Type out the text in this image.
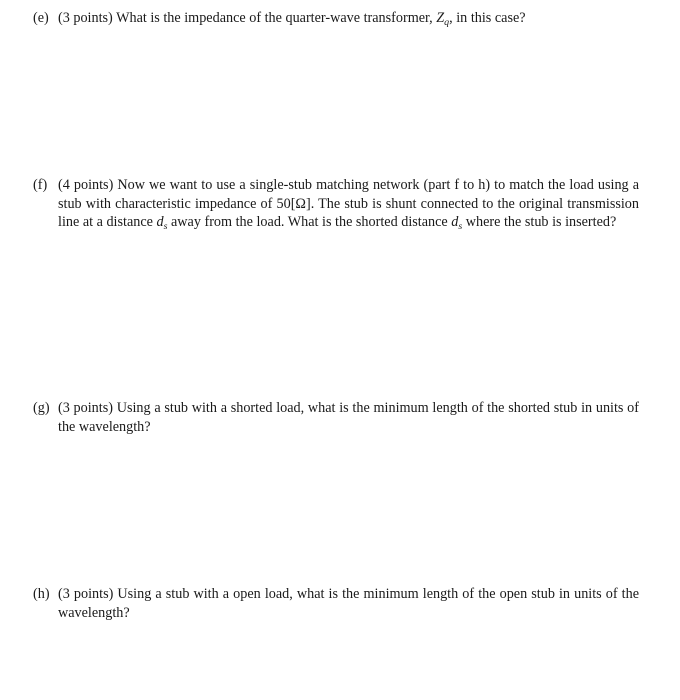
(e) (3 points) What is the impedance of the quarter-wave transformer, $Z_q$, in this case?
(f) (4 points) Now we want to use a single-stub matching network (part f to h) to match the load using a stub with characteristic impedance of 50[Ω]. The stub is shunt connected to the original transmission line at a distance $d_s$ away from the load. What is the shorted distance $d_s$ where the stub is inserted?
(g) (3 points) Using a stub with a shorted load, what is the minimum length of the shorted stub in units of the wavelength?
(h) (3 points) Using a stub with a open load, what is the minimum length of the open stub in units of the wavelength?
